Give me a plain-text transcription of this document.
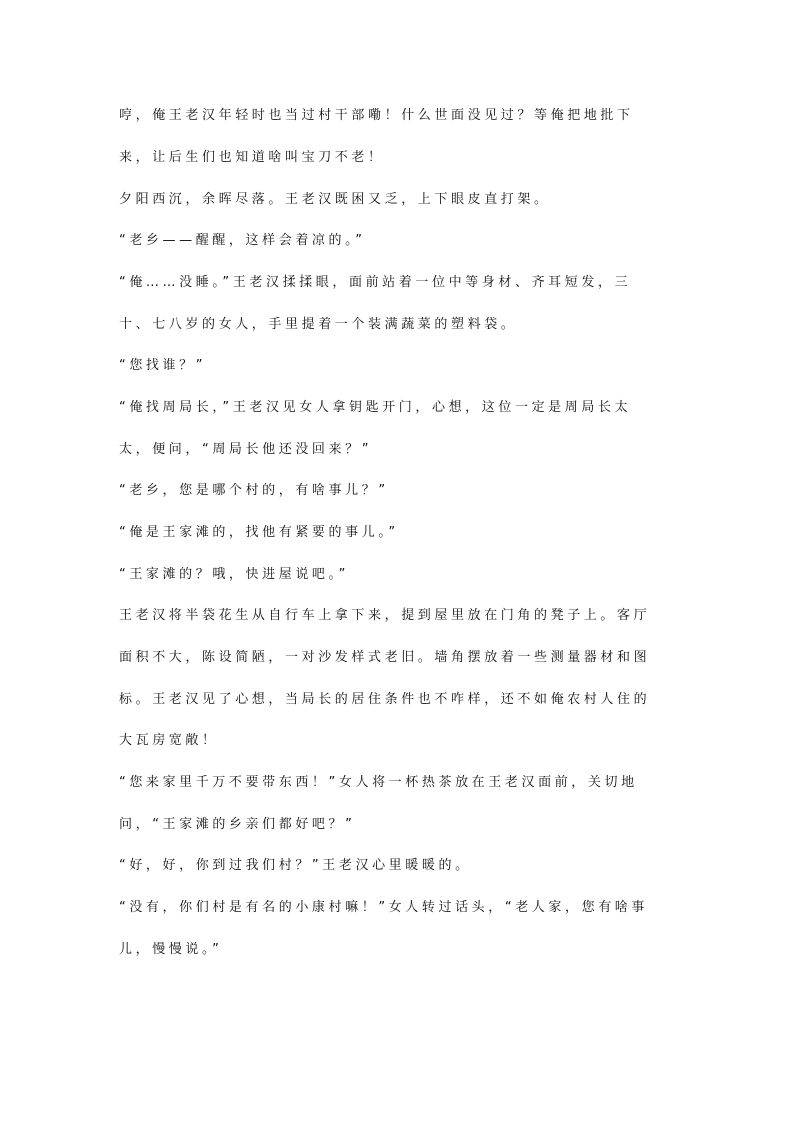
哼，俺王老汉年轻时也当过村干部嘞！什么世面没见过？等俺把地批下

来，让后生们也知道啥叫宝刀不老！

夕阳西沉，余晖尽落。王老汉既困又乏，上下眼皮直打架。

“老乡——醒醒，这样会着凉的。”

“俺……没睡。”王老汉揉揉眼，面前站着一位中等身材、齐耳短发，三

十、七八岁的女人，手里提着一个装满蔬菜的塑料袋。

“您找谁？”

“俺找周局长，”王老汉见女人拿钥匙开门，心想，这位一定是周局长太

太，便问，“周局长他还没回来？”

“老乡，您是哪个村的，有啥事儿？”

“俺是王家滩的，找他有紧要的事儿。”

“王家滩的？哦，快进屋说吧。”

王老汉将半袋花生从自行车上拿下来，提到屋里放在门角的凳子上。客厅

面积不大，陈设简陋，一对沙发样式老旧。墙角摆放着一些测量器材和图

标。王老汉见了心想，当局长的居住条件也不咋样，还不如俺农村人住的

大瓦房宽敞！

“您来家里千万不要带东西！”女人将一杯热茶放在王老汉面前，关切地

问，“王家滩的乡亲们都好吧？”

“好，好，你到过我们村？”王老汉心里暖暖的。

“没有，你们村是有名的小康村嘛！”女人转过话头，“老人家，您有啥事

儿，慢慢说。”
